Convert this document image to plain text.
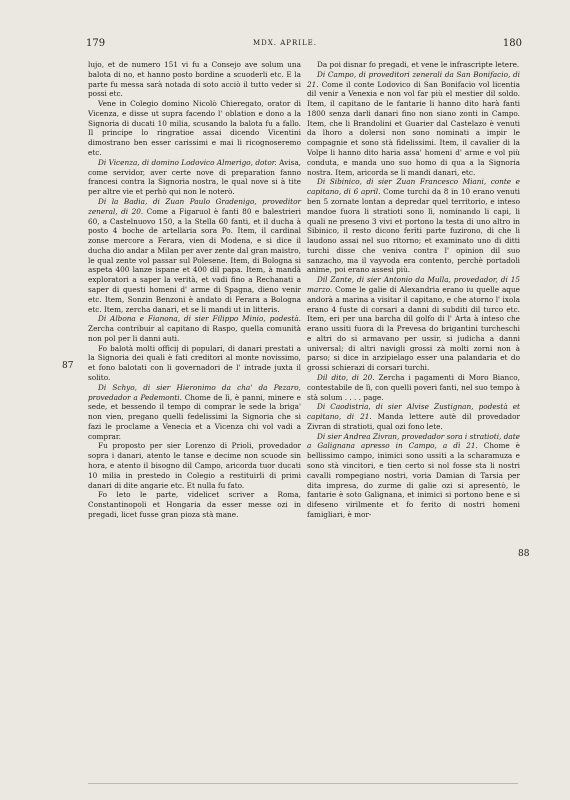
179	MDX. APRILE.	180
87
88

lujo, et de numero 151 vi fu a Consejo ave solum una balota di no, et hanno posto bordine a scuoderli etc. E la parte fu messa sarà notada di soto acciò il tutto veder si possi etc.

Vene in Colegio domino Nicolò Chieregato, orator di Vicenza, e disse ut supra facendo l' oblation e dono a la Signoria di ducati 10 milia, scusando la balota fu a fallo. Il principe lo ringratioe assai dicendo Vicentini dimostrano ben esser carissimi e mai li ricognoseremo etc.

Di Vicenza, di domino Lodovico Almerigo, dotor. Avisa, come servidor, aver certe nove di preparation fanno francesi contra la Signoria nostra, le qual nove si à tite per altre vie et perhò qui non le noterò.

Di la Badia, di Zuan Paulo Gradenigo, proveditor zeneral, di 20. Come a Figaruol è fanti 80 e balestrieri 60, a Castelnuovo 150, a la Stella 60 fanti, et il ducha à posto 4 boche de artellaria sora Po. Item, il cardinal zonse mercore a Ferara, vien di Modena, e si dice il ducha dio andar a Milan per aver zente dal gran maistro, le qual zente vol passar sul Polesene. Item, di Bologna si aspeta 400 lanze ispane et 400 dil papa. Item, à mandà exploratori a saper la verità, et vadi fino a Rechanati a saper di questi homeni d' arme di Spagna, dieno venir etc. Item, Sonzin Benzoni è andato di Ferara a Bologna etc. Item, zercha danari, et se li mandi ut in litteris.

Di Albona e Fianona, di sier Filippo Minio, podestà. Zercha contribuir al capitano di Raspo, quella comunità non pol per li danni auti.

Fo balotà molti officij di populari, di danari prestati a la Signoria dei quali è fati creditori al monte novissimo, et fono balotati con li governadori de l' intrade juxta il solito.

Di Schyo, di sier Hieronimo da cha' da Pezaro, provedador a Pedemonti. Chome de lì, è panni, minere e sede, et bessendo il tempo di comprar le sede la briga' non vien, pregano quelli fedelissimi la Signoria che si fazi le proclame a Venecia et a Vicenza chi vol vadi a comprar.

Fu proposto per sier Lorenzo di Prioli, provedador sopra i danari, atento le tanse e decime non scuode sin hora, e atento il bisogno dil Campo, aricorda tuor ducati 10 milia in prestedo in Colegio a restituirli di primi danari di dite angarie etc. Et nulla fu fato.

Fo leto le parte, videlicet scriver a Roma, Constantinopoli et Hongaria da esser messe ozi in pregadi, licet fusse gran pioza stà mane.

Da poi disnar fo pregadi, et vene le infrascripte letere.

Di Campo, di proveditori zenerali da San Bonifacio, di 21. Come il conte Lodovico di San Bonifacio vol licentia dil venir a Venexia e non vol far più el mestier dil soldo. Item, il capitano de le fantarie li hanno dito harà fanti 1800 senza darli danari fino non siano zonti in Campo. Item, che li Brandolini et Guarier dal Castelazo è venuti da lhoro a dolersi non sono nominati a impir le compagnie et sono stà fidelissimi. Item, il cavalier di la Volpe li hanno dito haria assa' homeni d' arme e vol più conduta, e manda uno suo homo di qua a la Signoria nostra. Item, aricorda se li mandi danari, etc.

Di Sibinico, di sier Zuan Francesco Miani, conte e capitano, di 6 april. Come turchi da 8 in 10 erano venuti ben 5 zornate lontan a depredar quel territorio, e inteso mandoe fuora li stratioti sono lì, nominando li capi, li quali ne preseno 3 vivi et portono la testa di uno altro in Sibinico, il resto dicono ferìti parte fuzirono, di che li laudono assai nel suo ritorno; et examinato uno di ditti turchi disse che veniva contra l' opinion dil suo sanzacho, ma il vayvoda era contento, perchè portadoli anime, poi erano assesi più.

Dil Zante, di sier Antonio da Mulla, provedador, di 15 marzo. Come le galie di Alexandria erano iu quelle aque andorà a marina a visitar il capitano, e che atorno l' ixola erano 4 fuste di corsari a danni di subditi dil turco etc. Item, eri per una barcha dil golfo di l' Arta à inteso che erano ussiti fuora di la Prevesa do brigantini turcheschi e altri do si armavano per ussir, si judicha a danni universal; di altri navigli grossi zà molti zorni non à parso; si dice in arzipielago esser una palandaria et do grossi schierazi di corsari turchi.

Dil dito, di 20. Zercha i pagamenti di Moro Bianco, contestabile de lì, con quelli poveri fanti, nel suo tempo à stà solum . . . . page.

Di Caodistria, di sier Alvise Zustignan, podestà et capitano, di 21. Manda lettere autè dil provedador Zivran di stratioti, qual ozi fono lete.

Di sier Andrea Zivran, provedador sora i stratioti, date a Galignana apresso in Campo, a dì 21. Chome è bellissimo campo, inimici sono ussiti a la scharamuza e sono stà vincitori, e tien certo si nol fosse sta li nostri cavalli rompegiano nostri, voria Damian di Tarsia per dita impresa, do zurme di galie ozi si apresentò, le fantarie è soto Galignana, et inimici si portono bene e si difeseno virilmente et fo ferito di nostri homeni famigliari, è mor-
